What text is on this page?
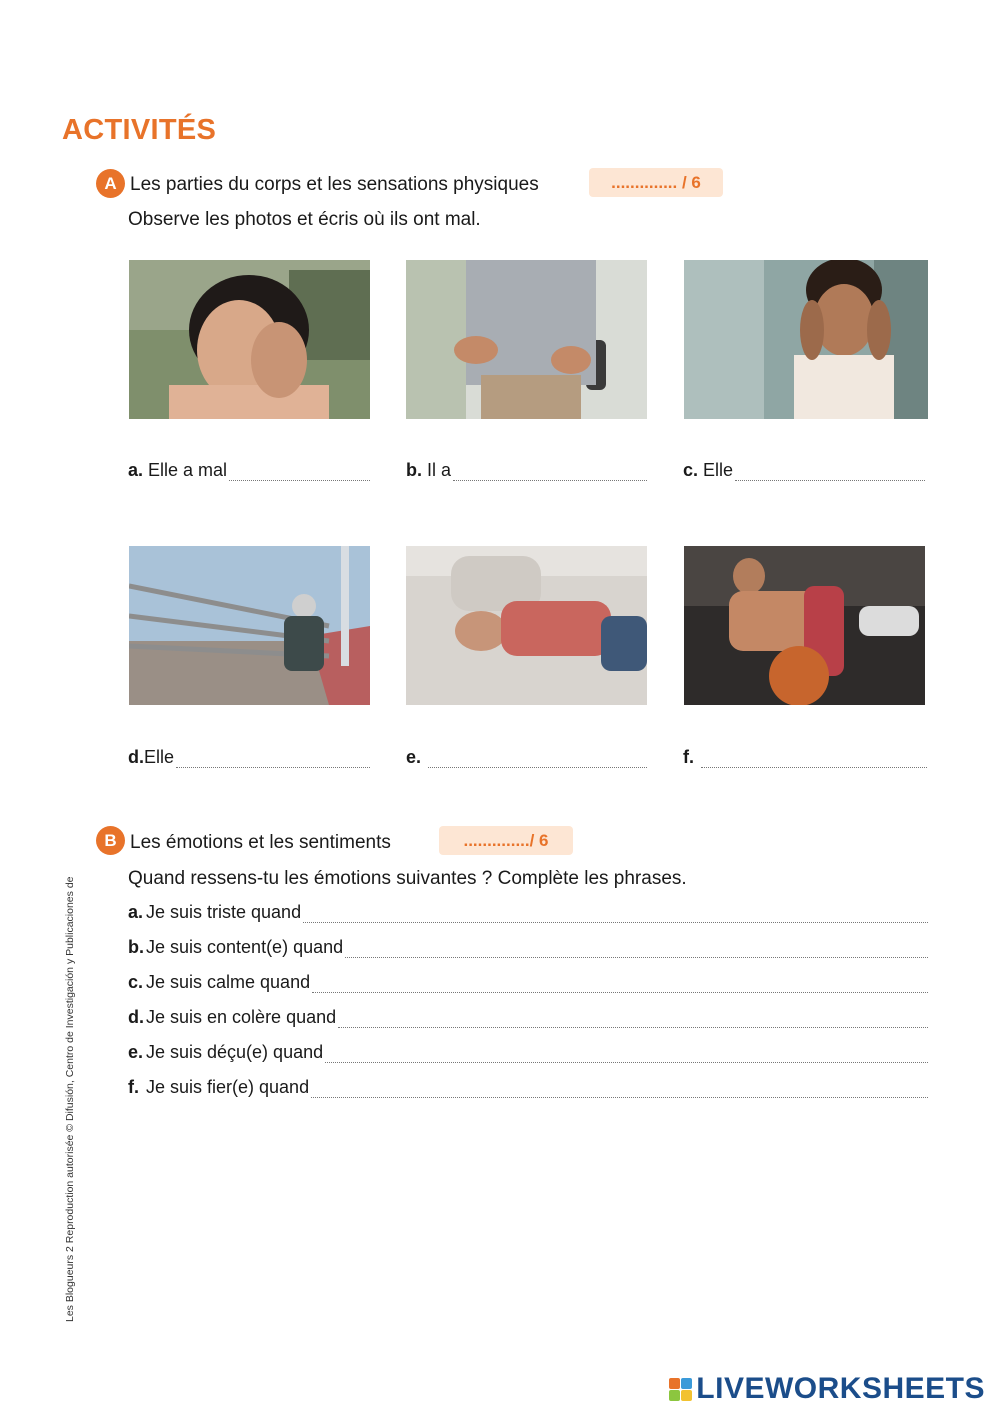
ACTIVITÉS
A Les parties du corps et les sensations physiques	.............. / 6
Observe les photos et écris où ils ont mal.
a. Elle a mal	b. Il a	c. Elle
d. Elle	e.	f.
B Les émotions et les sentiments	............../ 6
Quand ressens-tu les émotions suivantes ? Complète les phrases.
a. Je suis triste quand
b. Je suis content(e) quand
c. Je suis calme quand
d. Je suis en colère quand
e. Je suis déçu(e) quand
f. Je suis fier(e) quand
Les Blogueurs 2 Reproduction autorisée © Difusión, Centro de Investigación y Publicaciones de
LIVEWORKSHEETS
